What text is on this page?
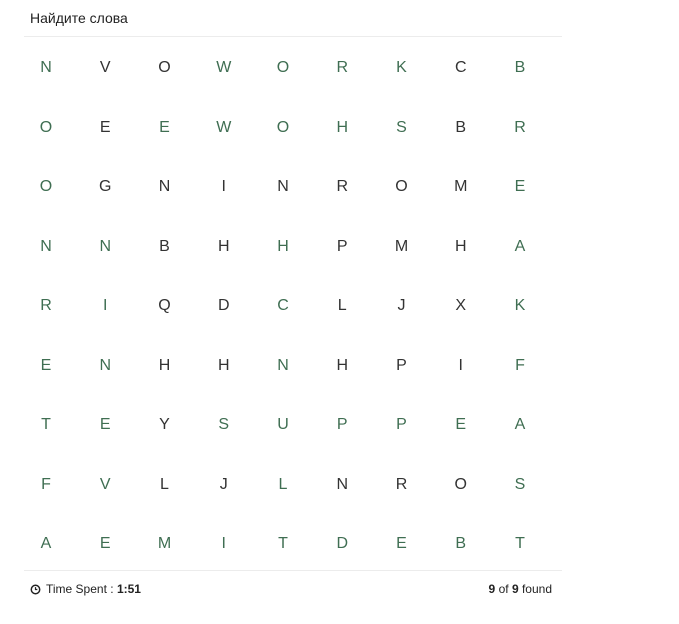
Найдите слова
N	V	O	W	O	R	K	C	B
O	E	E	W	O	H	S	B	R
O	G	N	I	N	R	O	M	E
N	N	B	H	H	P	M	H	A
R	I	Q	D	C	L	J	X	K
E	N	H	H	N	H	P	I	F
T	E	Y	S	U	P	P	E	A
F	V	L	J	L	N	R	O	S
A	E	M	I	T	D	E	B	T
Time Spent :
1:51	9 of 9 found
